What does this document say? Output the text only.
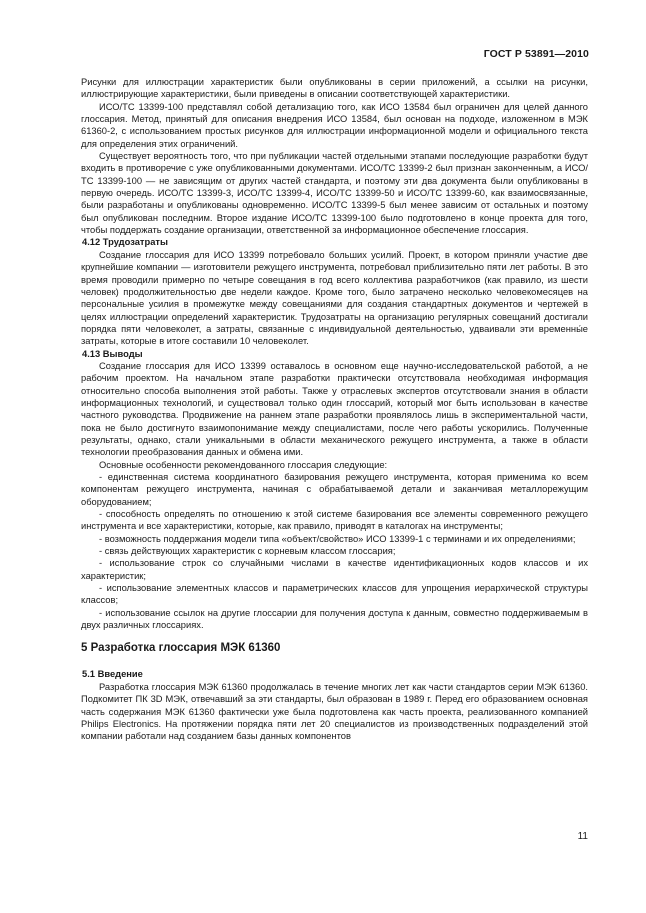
ГОСТ Р 53891—2010

Рисунки для иллюстрации характеристик были опубликованы в серии приложений, а ссылки на рисунки, иллюстрирующие характеристики, были приведены в описании соответствующей характеристики.

ИСО/ТС 13399-100 представлял собой детализацию того, как ИСО 13584 был ограничен для целей данного глоссария. Метод, принятый для описания внедрения ИСО 13584, был основан на подходе, изложенном в МЭК 61360-2, с использованием простых рисунков для иллюстрации информационной модели и официального текста для определения этих ограничений.

Существует вероятность того, что при публикации частей отдельными этапами последующие разработки будут входить в противоречие с уже опубликованными документами. ИСО/ТС 13399-2 был признан законченным, а ИСО/ТС 13399-100 — не зависящим от других частей стандарта, и поэтому эти два документа были опубликованы в первую очередь. ИСО/ТС 13399-3, ИСО/ТС 13399-4, ИСО/ТС 13399-50 и ИСО/ТС 13399-60, как взаимосвязанные, были разработаны и опубликованы одновременно. ИСО/ТС 13399-5 был менее зависим от остальных и поэтому был опубликован последним. Второе издание ИСО/ТС 13399-100 было подготовлено в конце проекта для того, чтобы поддержать создание организации, ответственной за информационное обеспечение глоссария.

4.12 Трудозатраты

Создание глоссария для ИСО 13399 потребовало больших усилий. Проект, в котором приняли участие две крупнейшие компании — изготовители режущего инструмента, потребовал приблизительно пяти лет работы. В это время проводили примерно по четыре совещания в год всего коллектива разработчиков (как правило, из шести человек) продолжительностью две недели каждое. Кроме того, было затрачено несколько человекомесяцев на персональные усилия в промежутке между совещаниями для создания стандартных документов и чертежей в целях иллюстрации определений характеристик. Трудозатраты на организацию регулярных совещаний достигали порядка пяти человеколет, а затраты, связанные с индивидуальной деятельностью, удваивали эти временны́е затраты, которые в итоге составили 10 человеколет.

4.13 Выводы

Создание глоссария для ИСО 13399 оставалось в основном еще научно-исследовательской работой, а не рабочим проектом. На начальном этапе разработки практически отсутствовала необходимая информация относительно способа выполнения этой работы. Также у отраслевых экспертов отсутствовали знания в области информационных технологий, и существовал только один глоссарий, который мог быть использован в качестве частного руководства. Продвижение на раннем этапе разработки проявлялось лишь в экспериментальной части, пока не было достигнуто взаимопонимание между специалистами, после чего работы ускорились. Полученные результаты, однако, стали уникальными в области механического режущего инструмента, а также в области технологии преобразования данных и обмена ими.

Основные особенности рекомендованного глоссария следующие:

- единственная система координатного базирования режущего инструмента, которая применима ко всем компонентам режущего инструмента, начиная с обрабатываемой детали и заканчивая металлорежущим оборудованием;

- способность определять по отношению к этой системе базирования все элементы современного режущего инструмента и все характеристики, которые, как правило, приводят в каталогах на инструменты;

- возможность поддержания модели типа «объект/свойство» ИСО 13399-1 с терминами и их определениями;

- связь действующих характеристик с корневым классом глоссария;

- использование строк со случайными числами в качестве идентификационных кодов классов и их характеристик;

- использование элементных классов и параметрических классов для упрощения иерархической структуры классов;

- использование ссылок на другие глоссарии для получения доступа к данным, совместно поддерживаемым в двух различных глоссариях.

5 Разработка глоссария МЭК 61360

5.1 Введение

Разработка глоссария МЭК 61360 продолжалась в течение многих лет как части стандартов серии МЭК 61360. Подкомитет ПК 3D МЭК, отвечавший за эти стандарты, был образован в 1989 г. Перед его образованием основная часть содержания МЭК 61360 фактически уже была подготовлена как часть проекта, реализованного компанией Philips Electronics. На протяжении порядка пяти лет 20 специалистов из производственных подразделений этой компании работали над созданием базы данных компонентов

11
